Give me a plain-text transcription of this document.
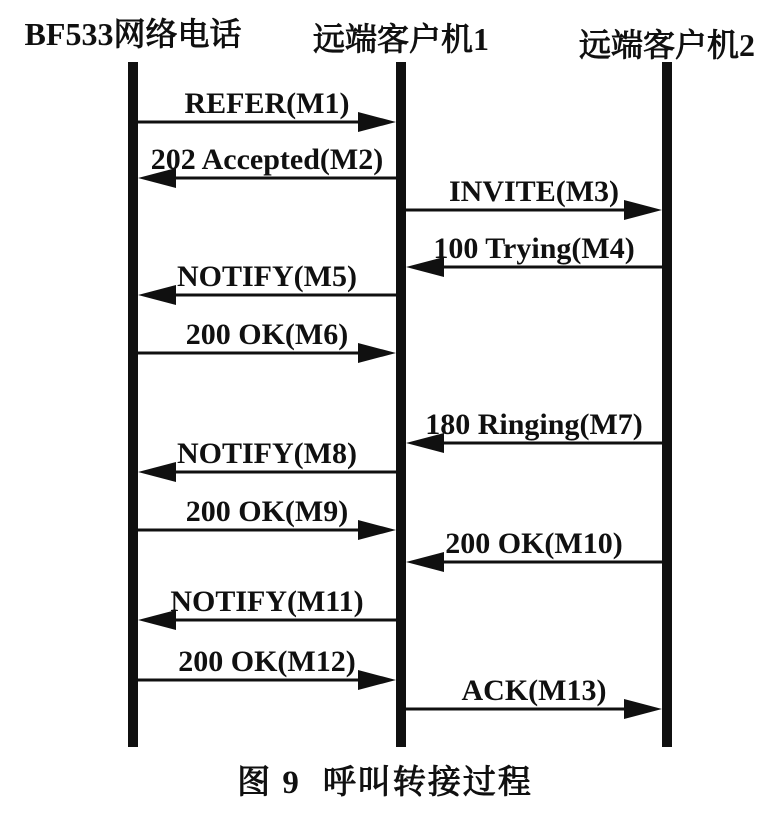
BF533网络电话 远端客户机1	远端客户机2
REFER(M1)
202 Accepted(M2)
INVITE(M3)
100 Trying(M4)
NOTIFY(M5)
200 OK(M6)
180 Ringing(M7)
NOTIFY(M8)
200 OK(M9)
200 OK(M10)
NOTIFY(M11)
200 OK(M12)
ACK(M13)
图 9 呼叫转接过程
